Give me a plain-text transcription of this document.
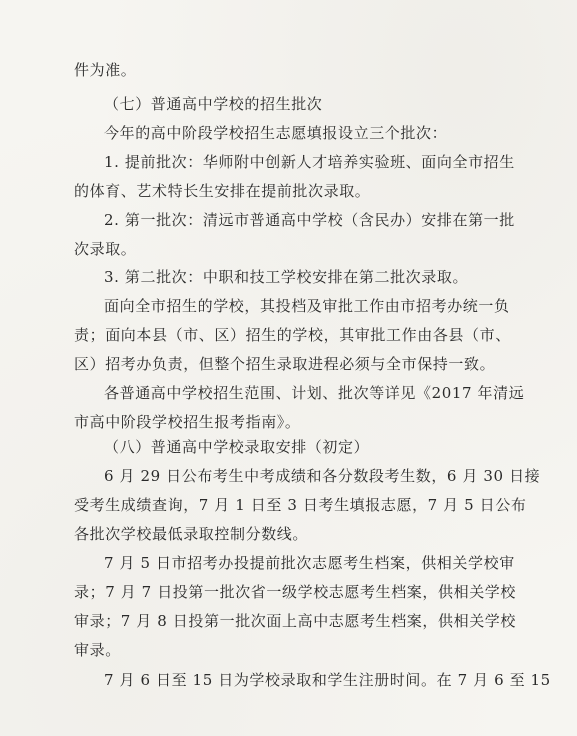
件为准。
（七）普通高中学校的招生批次
今年的高中阶段学校招生志愿填报设立三个批次：
1. 提前批次：华师附中创新人才培养实验班、面向全市招生
的体育、艺术特长生安排在提前批次录取。
2. 第一批次：清远市普通高中学校（含民办）安排在第一批
次录取。
3. 第二批次：中职和技工学校安排在第二批次录取。
面向全市招生的学校，其投档及审批工作由市招考办统一负
责；面向本县（市、区）招生的学校，其审批工作由各县（市、
区）招考办负责，但整个招生录取进程必须与全市保持一致。
各普通高中学校招生范围、计划、批次等详见《2017 年清远
市高中阶段学校招生报考指南》。
（八）普通高中学校录取安排（初定）
6 月 29 日公布考生中考成绩和各分数段考生数，6 月 30 日接
受考生成绩查询，7 月 1 日至 3 日考生填报志愿，7 月 5 日公布
各批次学校最低录取控制分数线。
7 月 5 日市招考办投提前批次志愿考生档案，供相关学校审
录；7 月 7 日投第一批次省一级学校志愿考生档案，供相关学校
审录；7 月 8 日投第一批次面上高中志愿考生档案，供相关学校
审录。
7 月 6 日至 15 日为学校录取和学生注册时间。在 7 月 6 至 15
